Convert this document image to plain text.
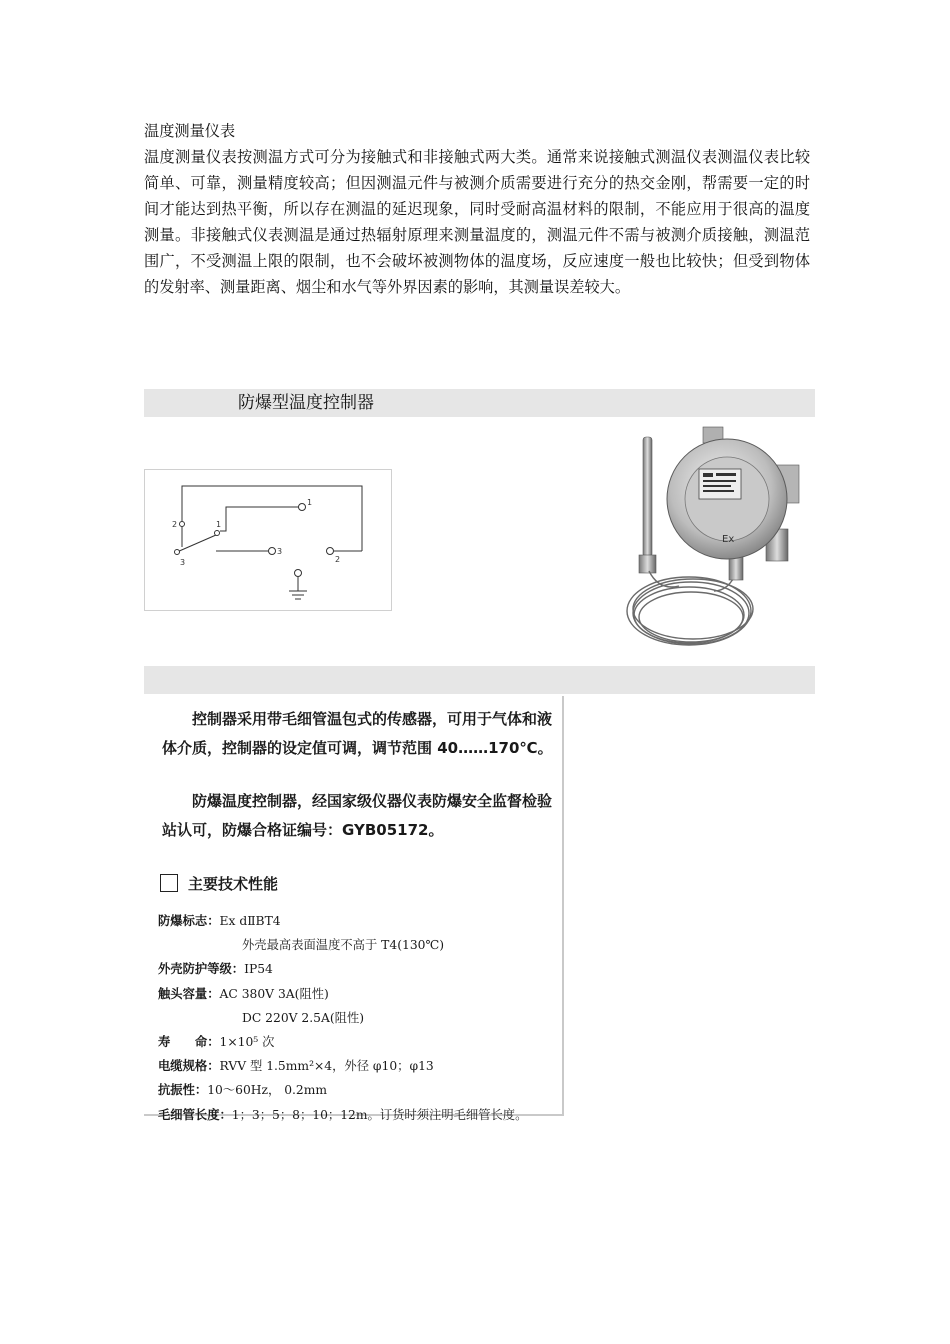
温度测量仪表
温度测量仪表按测温方式可分为接触式和非接触式两大类。通常来说接触式测温仪表测温仪表比较简单、可靠，测量精度较高；但因测温元件与被测介质需要进行充分的热交金刚，帮需要一定的时间才能达到热平衡，所以存在测温的延迟现象，同时受耐高温材料的限制，不能应用于很高的温度测量。非接触式仪表测温是通过热辐射原理来测量温度的，测温元件不需与被测介质接触，测温范围广，不受测温上限的限制，也不会破坏被测物体的温度场，反应速度一般也比较快；但受到物体的发射率、测量距离、烟尘和水气等外界因素的影响，其测量误差较大。
防爆型温度控制器
1
3
2
2	1
3
Ex
控制器采用带毛细管温包式的传感器，可用于气体和液体介质，控制器的设定值可调，调节范围 40……170℃。
防爆温度控制器，经国家级仪器仪表防爆安全监督检验站认可，防爆合格证编号：GYB05172。
主要技术性能
防爆标志：Ex dⅡBT4
外壳最高表面温度不高于 T4(130℃)
外壳防护等级：IP54
触头容量：AC 380V 3A(阻性)
DC 220V 2.5A(阻性)
寿　　命：1×10⁵ 次
电缆规格：RVV 型 1.5mm²×4，外径 φ10；φ13
抗振性：10～60Hz， 0.2mm
毛细管长度：1；3；5；8；10；12m。订货时须注明毛细管长度。
